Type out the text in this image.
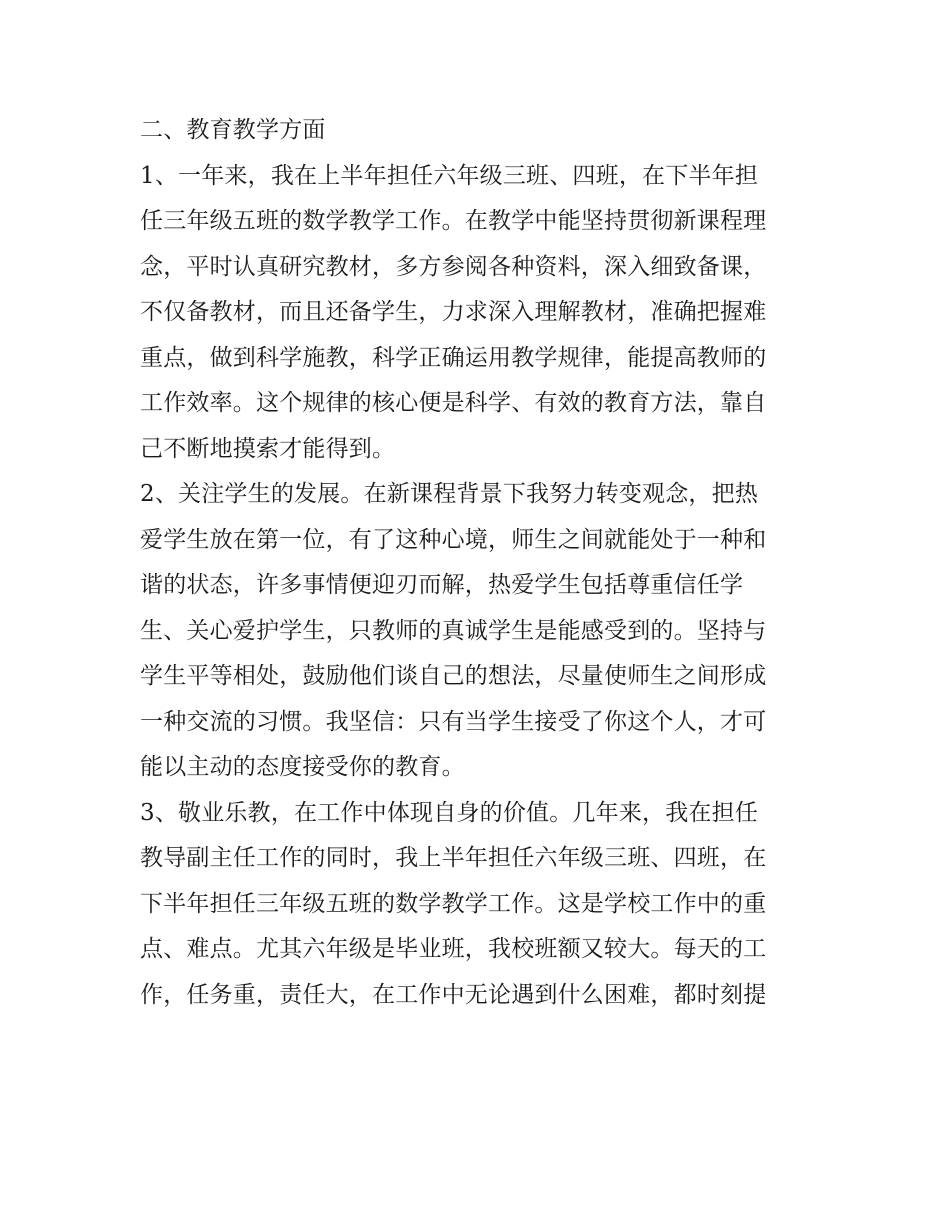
二、教育教学方面
1、一年来，我在上半年担任六年级三班、四班，在下半年担
任三年级五班的数学教学工作。在教学中能坚持贯彻新课程理
念，平时认真研究教材，多方参阅各种资料，深入细致备课，
不仅备教材，而且还备学生，力求深入理解教材，准确把握难
重点，做到科学施教，科学正确运用教学规律，能提高教师的
工作效率。这个规律的核心便是科学、有效的教育方法，靠自
己不断地摸索才能得到。
2、关注学生的发展。在新课程背景下我努力转变观念，把热
爱学生放在第一位，有了这种心境，师生之间就能处于一种和
谐的状态，许多事情便迎刃而解，热爱学生包括尊重信任学
生、关心爱护学生，只教师的真诚学生是能感受到的。坚持与
学生平等相处，鼓励他们谈自己的想法，尽量使师生之间形成
一种交流的习惯。我坚信：只有当学生接受了你这个人，才可
能以主动的态度接受你的教育。
3、敬业乐教，在工作中体现自身的价值。几年来，我在担任
教导副主任工作的同时，我上半年担任六年级三班、四班，在
下半年担任三年级五班的数学教学工作。这是学校工作中的重
点、难点。尤其六年级是毕业班，我校班额又较大。每天的工
作，任务重，责任大，在工作中无论遇到什么困难，都时刻提
